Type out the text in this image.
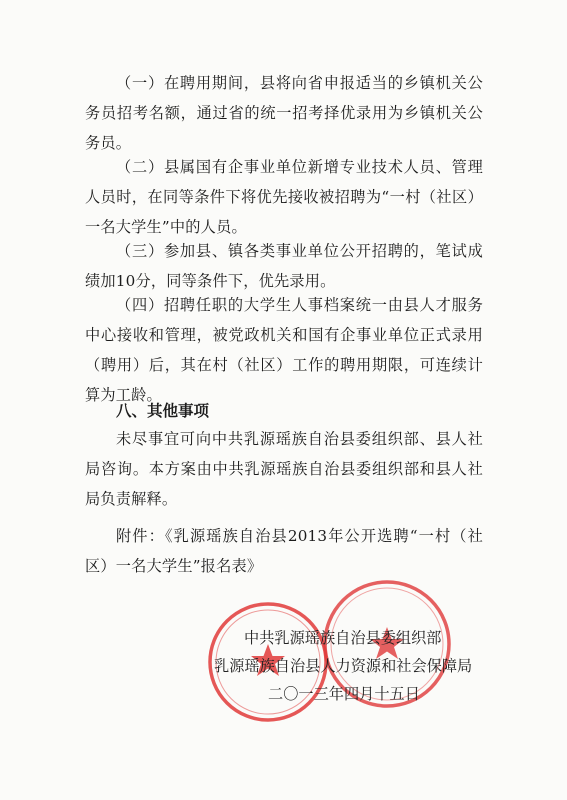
（一）在聘用期间，县将向省申报适当的乡镇机关公务员招考名额，通过省的统一招考择优录用为乡镇机关公务员。

（二）县属国有企事业单位新增专业技术人员、管理人员时，在同等条件下将优先接收被招聘为“一村（社区）一名大学生”中的人员。

（三）参加县、镇各类事业单位公开招聘的，笔试成绩加10分，同等条件下，优先录用。

（四）招聘任职的大学生人事档案统一由县人才服务中心接收和管理，被党政机关和国有企事业单位正式录用（聘用）后，其在村（社区）工作的聘用期限，可连续计算为工龄。

八、其他事项

未尽事宜可向中共乳源瑶族自治县委组织部、县人社局咨询。本方案由中共乳源瑶族自治县委组织部和县人社局负责解释。

附件：《乳源瑶族自治县2013年公开选聘“一村（社区）一名大学生”报名表》

中共乳源瑶族自治县委组织部
乳源瑶族自治县人力资源和社会保障局
二〇一三年四月十五日
